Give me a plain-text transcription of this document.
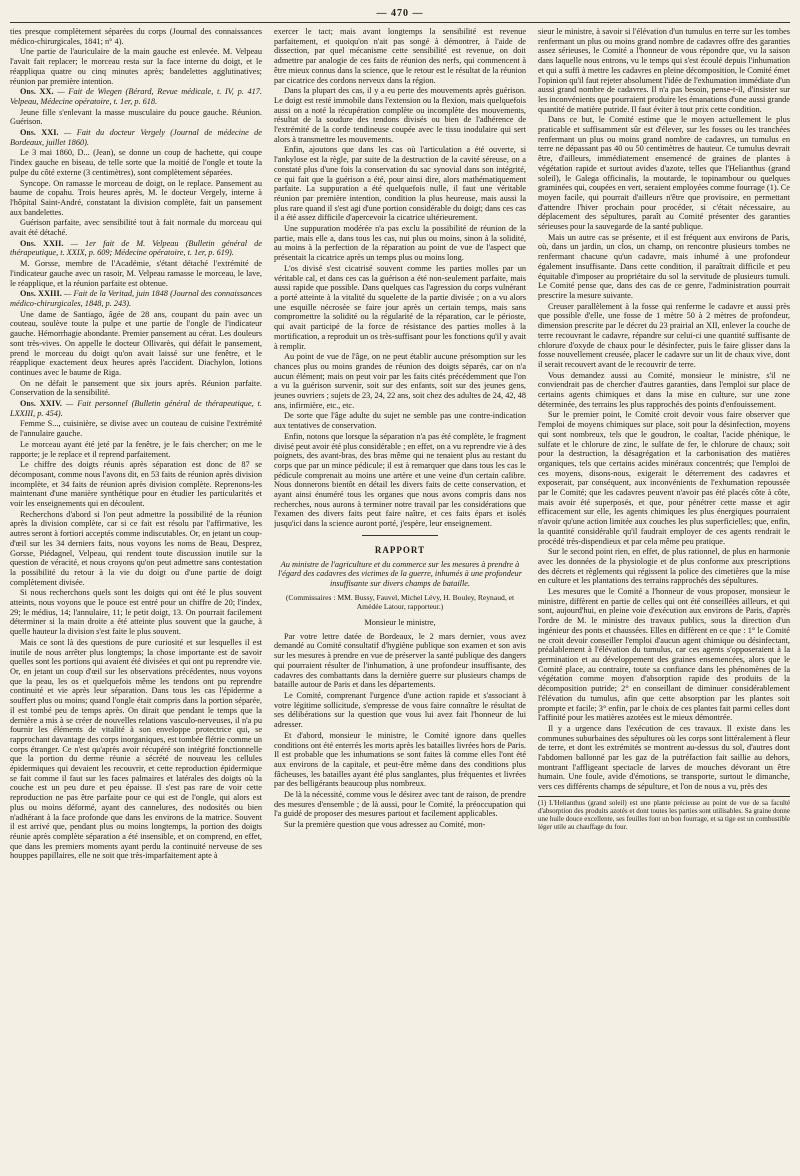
— 470 —

ties presque complètement séparées du corps (Journal des connaissances médico-chirurgicales, 1841; n° 4).

Une partie de l'auriculaire de la main gauche est enlevée. M. Velpeau l'avait fait replacer; le morceau resta sur la face interne du doigt, et le réappliqua quatre ou cinq minutes après; bandelettes agglutinatives; réunion par première intention.

Obs. XX. — Fait de Wiegen (Bérard, Revue médicale, t. IV, p. 417. Velpeau, Médecine opératoire, t. 1er, p. 618.

Jeune fille s'enlevant la masse musculaire du pouce gauche. Réunion. Guérison.

Obs. XXI. — Fait du docteur Vergely (Journal de médecine de Bordeaux, juillet 1860).

Le 3 mai 1860, D... (Jean), se donne un coup de hachette, qui coupe l'index gauche en biseau, de telle sorte que la moitié de l'ongle et toute la pulpe du côté externe (3 centimètres), sont complètement séparées.

Syncope. On ramasse le morceau de doigt, on le replace. Pansement au baume de copahu. Trois heures après, M. le docteur Vergely, interne à l'hôpital Saint-André, constatant la division complète, fait un pansement aux bandelettes.

Guérison parfaite, avec sensibilité tout à fait normale du morceau qui avait été détaché.

Obs. XXII. — 1er fait de M. Velpeau (Bulletin général de thérapeutique, t. XXIX, p. 609; Médecine opératoire, t. 1er, p. 619).

M. Gorsse, membre de l'Académie, s'étant détaché l'extrémité de l'indicateur gauche avec un rasoir, M. Velpeau ramasse le morceau, le lave, le réapplique, et la réunion parfaite est obtenue.

Obs. XXIII. — Fait de la Veritad, juin 1848 (Journal des connaissances médico-chirurgicales, 1848, p. 243).

Une dame de Santiago, âgée de 28 ans, coupant du pain avec un couteau, soulève toute la pulpe et une partie de l'ongle de l'indicateur gauche. Hémorrhagie abondante. Premier pansement au cérat. Les douleurs sont très-vives. On appelle le docteur Ollivarès, qui défait le pansement, prend le morceau du doigt qu'on avait laissé sur une fenêtre, et le réapplique exactement deux heures après l'accident. Diachylon, lotions continues avec le baume de Riga.

On ne défait le pansement que six jours après. Réunion parfaite. Conservation de la sensibilité.

Obs. XXIV. — Fait personnel (Bulletin général de thérapeutique, t. LXXIII, p. 454).

Femme S..., cuisinière, se divise avec un couteau de cuisine l'extrémité de l'annulaire gauche.

Le morceau ayant été jeté par la fenêtre, je le fais chercher; on me le rapporte; je le replace et il reprend parfaitement.

Le chiffre des doigts réunis après séparation est donc de 87 se décomposant, comme nous l'avons dit, en 53 faits de réunion après division incomplète, et 34 faits de réunion après division complète. Reprenons-les maintenant d'une manière synthétique pour en étudier les particularités et voir les enseignements qui en découlent.

Recherchons d'abord si l'on peut admettre la possibilité de la réunion après la division complète, car si ce fait est résolu par l'affirmative, les autres seront à fortiori acceptés comme indiscutables. Or, en jetant un coup-d'œil sur les 34 derniers faits, nous voyons les noms de Beau, Desprez, Gorsse, Piédagnel, Velpeau, qui rendent toute discussion inutile sur la question de véracité, et nous croyons qu'on peut admettre sans contestation la possibilité du retour à la vie du doigt ou d'une partie de doigt complètement divisée.

Si nous recherchons quels sont les doigts qui ont été le plus souvent atteints, nous voyons que le pouce est entré pour un chiffre de 20; l'index, 29; le médius, 14; l'annulaire, 11; le petit doigt, 13. On pourrait facilement déterminer si la main droite a été atteinte plus souvent que la gauche, à quelle hauteur la division s'est faite le plus souvent.

Mais ce sont là des questions de pure curiosité et sur lesquelles il est inutile de nous arrêter plus longtemps; la chose importante est de savoir quelles sont les portions qui avaient été divisées et qui ont pu reprendre vie. Or, en jetant un coup d'œil sur les observations précédentes, nous voyons que la peau, les os et quelquefois même les tendons ont pu reprendre continuité et vie après leur séparation. Dans tous les cas l'épiderme a souffert plus ou moins; quand l'ongle était compris dans la portion séparée, il est tombé peu de temps après. On dirait que pendant le temps que la dernière a mis à se créer de nouvelles relations vasculo-nerveuses, il n'a pu fournir les éléments de vitalité à son enveloppe protectrice qui, se rapprochant davantage des corps inorganiques, est tombée flétrie comme un corps étranger. Ce n'est qu'après avoir récupéré son intégrité fonctionnelle que la portion du derme réunie a sécrété de nouveau les cellules épidermiques qui devaient les recouvrir, et cette reproduction épidermique se fait comme il faut sur les faces palmaires et latérales des doigts où la couche est un peu dure et peu épaisse. Il s'est pas rare de voir cette reproduction ne pas être parfaite pour ce qui est de l'ongle, qui alors est plus ou moins déformé, ayant des cannelures, des nodosités ou bien n'adhérant à la face profonde que dans les environs de la matrice. Souvent il est arrivé que, pendant plus ou moins longtemps, la portion des doigts réunie après complète séparation a été insensible, et on comprend, en effet, que dans les premiers moments ayant perdu la continuité nerveuse de ses houppes papillaires, elle ne soit que très-imparfaitement apte à

exercer le tact; mais avant longtemps la sensibilité est revenue parfaitement, et quoiqu'on n'ait pas songé à démontrer, à l'aide de dissection, par quel mécanisme cette sensibilité est revenue, on doit admettre par analogie de ces faits de réunion des nerfs, qui commencent à être mieux connus dans la science, que le retour est le résultat de la réunion par cicatrice des cordons nerveux dans la région.

Dans la plupart des cas, il y a eu perte des mouvements après guérison. Le doigt est resté immobile dans l'extension ou la flexion, mais quelquefois aussi on a noté la récupération complète ou incomplète des mouvements, résultat de la soudure des tendons divisés ou bien de l'adhérence de l'extrémité de la corde tendineuse coupée avec le tissu inodulaire qui sert alors à transmettre les mouvements.

Enfin, ajoutons que dans les cas où l'articulation a été ouverte, si l'ankylose est la règle, par suite de la destruction de la cavité séreuse, on a constaté plus d'une fois la conservation du sac synovial dans son intégrité, ce qui fait que la guérison a été, pour ainsi dire, alors mathématiquement parfaite. La suppuration a été quelquefois nulle, il faut une véritable réunion par première intention, condition la plus heureuse, mais aussi la plus rare quand il s'est agi d'une portion considérable du doigt; dans ces cas il a été assez difficile d'apercevoir la cicatrice ultérieurement.

Une suppuration modérée n'a pas exclu la possibilité de réunion de la partie, mais elle a, dans tous les cas, nui plus ou moins, sinon à la solidité, au moins à la perfection de la réparation au point de vue de l'aspect que présentait la cicatrice après un temps plus ou moins long.

L'os divisé s'est cicatrisé souvent comme les parties molles par un véritable cal, et dans ces cas la guérison a été non-seulement parfaite, mais aussi rapide que possible. Dans quelques cas l'agression du corps vulnérant a porté atteinte à la vitalité du squelette de la partie divisée ; on a vu alors une esquille nécrosée se faire jour après un certain temps, mais sans compromettre la solidité ou la régularité de la réparation, car le périoste, qui avait participé de la force de résistance des parties molles à la mortification, a reproduit un os très-suffisant pour les fonctions qu'il y avait à remplir.

Au point de vue de l'âge, on ne peut établir aucune présomption sur les chances plus ou moins grandes de réunion des doigts séparés, car on n'a aucun élément; mais on peut voir par les faits cités précédemment que l'on a vu la guérison survenir, soit sur des enfants, soit sur des jeunes gens, jeunes ouvriers ; sujets de 23, 24, 22 ans, soit chez des adultes de 24, 42, 48 ans, infirmière, etc., etc.

De sorte que l'âge adulte du sujet ne semble pas une contre-indication aux tentatives de conservation.

Enfin, notons que lorsque la séparation n'a pas été complète, le fragment divisé peut avoir été plus considérable ; en effet, on a vu reprendre vie à des poignets, des avant-bras, des bras même qui ne tenaient plus au restant du corps que par un mince pédicule; il est à remarquer que dans tous les cas le pédicule comprenait au moins une artère et une veine d'un certain calibre. Nous donnerons bientôt en détail les divers faits de cette conservation, et ayant ainsi énuméré tous les organes que nous avons compris dans nos recherches, nous aurons à terminer notre travail par les considérations que l'examen des divers faits peut faire naître, et ces faits épars et isolés jusqu'ici dans la science auront porté, j'espère, leur enseignement.

RAPPORT
Au ministre de l'agriculture et du commerce sur les mesures à prendre à l'égard des cadavres des victimes de la guerre, inhumés à une profondeur insuffisante sur divers champs de bataille.
(Commissaires : MM. Bussy, Fauvel, Michel Lévy, H. Bouley, Reynaud, et Amédée Latour, rapporteur.)
Monsieur le ministre,

Par votre lettre datée de Bordeaux, le 2 mars dernier, vous avez demandé au Comité consultatif d'hygiène publique son examen et son avis sur les mesures à prendre en vue de préserver la santé publique des dangers qui pourraient résulter de l'inhumation, à une profondeur insuffisante, des cadavres des combattants dans la dernière guerre sur plusieurs champs de bataille autour de Paris et dans les départements.

Le Comité, comprenant l'urgence d'une action rapide et s'associant à votre légitime sollicitude, s'empresse de vous faire connaître le résultat de ses délibérations sur la question que vous lui avez fait l'honneur de lui adresser.

Et d'abord, monsieur le ministre, le Comité ignore dans quelles conditions ont été enterrés les morts après les batailles livrées hors de Paris. Il est probable que les inhumations se sont faites là comme elles l'ont été aux environs de la capitale, et peut-être même dans des conditions plus fâcheuses, les batailles ayant été plus sanglantes, plus fréquentes et livrées par des belligérants beaucoup plus nombreux.

De là la nécessité, comme vous le désirez avec tant de raison, de prendre des mesures d'ensemble ; de là aussi, pour le Comité, la préoccupation qui l'a guidé de proposer des mesures partout et facilement applicables.

Sur la première question que vous adressez au Comité, mon-

sieur le ministre, à savoir si l'élévation d'un tumulus en terre sur les tombes renfermant un plus ou moins grand nombre de cadavres offre des garanties assez sérieuses, le Comité a l'honneur de vous répondre que, vu la saison dans laquelle nous entrons, vu le temps qui s'est écoulé depuis l'inhumation et qui a suffi à mettre les cadavres en pleine décomposition, le Comité émet l'opinion qu'il faut rejeter absolument l'idée de l'exhumation immédiate d'un aussi grand nombre de cadavres. Il n'a pas besoin, pense-t-il, d'insister sur les inconvénients que pourraient produire les émanations d'une aussi grande quantité de matière putride. Il faut éviter à tout prix cette condition.

Dans ce but, le Comité estime que le moyen actuellement le plus praticable et suffisamment sûr est d'élever, sur les fosses ou les tranchées renfermant un plus ou moins grand nombre de cadavres, un tumulus en terre ne dépassant pas 40 ou 50 centimètres de hauteur. Ce tumulus devrait être, d'ailleurs, immédiatement ensemencé de graines de plantes à végétation rapide et surtout avides d'azote, telles que l'Helianthus (grand soleil), le Galega officinalis, la moutarde, le topinambour ou quelques graminées qui, coupées en vert, seraient employées comme fourrage (1). Ce moyen facile, qui pourrait d'ailleurs n'être que provisoire, en permettant d'attendre l'hiver prochain pour procéder, si c'était nécessaire, au déplacement des sépultures, paraît au Comité présenter des garanties sérieuses pour la sauvegarde de la santé publique.

Mais un autre cas se présente, et il est fréquent aux environs de Paris, où, dans un jardin, un clos, un champ, on rencontre plusieurs tombes ne renfermant chacune qu'un cadavre, mais inhumé à une profondeur également insuffisante. Dans cette condition, il paraîtrait difficile et peu équitable d'imposer au propriétaire du sol la servitude de plusieurs tumuli. Le Comité pense que, dans des cas de ce genre, l'administration pourrait prescrire la mesure suivante.

Creuser parallèlement à la fosse qui renferme le cadavre et aussi près que possible d'elle, une fosse de 1 mètre 50 à 2 mètres de profondeur, dimension prescrite par le décret du 23 prairial an XII, enlever la couche de terre recouvrant le cadavre, répandre sur celui-ci une quantité suffisante de chlorure d'oxyde de chaux pour le désinfecter, puis le faire glisser dans la fosse nouvellement creusée, placer le cadavre sur un lit de chaux vive, dont il serait recouvert avant de le recouvrir de terre.

Vous demandez aussi au Comité, monsieur le ministre, s'il ne conviendrait pas de chercher d'autres garanties, dans l'emploi sur place de certains agents chimiques et dans la mise en culture, sur une zone déterminée, des terrains les plus rapprochés des points d'enfouissement.

Sur le premier point, le Comité croit devoir vous faire observer que l'emploi de moyens chimiques sur place, soit pour la désinfection, moyens qui sont nombreux, tels que le goudron, le coaltar, l'acide phénique, le sulfate et le chlorure de zinc, le sulfate de fer, le chlorure de chaux; soit pour la destruction, la désagrégation et la carbonisation des matières organiques, tels que certains acides minéraux concentrés; que l'emploi de ces moyens, disons-nous, exigerait le déterrement des cadavres et exposerait, par conséquent, aux inconvénients de l'exhumation repoussée par le Comité; que les cadavres peuvent n'avoir pas été placés côte à côte, mais avoir été superposés, et que, pour pénétrer cette masse et agir efficacement sur elle, les agents chimiques les plus énergiques pourraient n'avoir qu'une action limitée aux couches les plus superficielles; que, enfin, la quantité considérable qu'il faudrait employer de ces agents rendrait le procédé très-dispendieux et par cela même peu pratique.

Sur le second point rien, en effet, de plus rationnel, de plus en harmonie avec les données de la physiologie et de plus conforme aux prescriptions des décrets et règlements qui régissent la police des cimetières que la mise en culture et les plantations des terrains rapprochés des sépultures.

Les mesures que le Comité a l'honneur de vous proposer, monsieur le ministre, diffèrent en partie de celles qui ont été conseillées ailleurs, et qui sont, aujourd'hui, en pleine voie d'exécution aux environs de Paris, d'après l'ordre de M. le ministre des travaux publics, sous la direction d'un ingénieur des ponts et chaussées. Elles en diffèrent en ce que : 1° le Comité ne croit devoir conseiller l'emploi d'aucun agent chimique ou désinfectant, préalablement à l'élévation du tumulus, car ces agents s'opposeraient à la germination et au développement des graines ensemencées, alors que le Comité place, au contraire, toute sa confiance dans les phénomènes de la végétation comme moyen d'absorption rapide des produits de la décomposition putride; 2° en conseillant de diminuer considérablement l'élévation du tumulus, afin que cette absorption par les plantes soit prompte et facile; 3° enfin, par le choix de ces plantes fait parmi celles dont l'affinité pour les matières azotées est le mieux démontrée.

Il y a urgence dans l'exécution de ces travaux. Il existe dans les communes suburbaines des sépultures où les corps sont littéralement à fleur de terre, et dont les extrémités se montrent au-dessus du sol, d'autres dont l'abdomen ballonné par les gaz de la putréfaction fait saillie au dehors, montrant l'affligeant spectacle de larves de mouches dévorant un être humain. Une foule, avide d'émotions, se transporte, surtout le dimanche, vers ces différents champs de sépulture, et l'on de nous a vu, près des

(1) L'Helianthus (grand soleil) est une plante précieuse au point de vue de sa faculté d'absorption des produits azotés et dont toutes les parties sont utilisables. Sa graine donne une huile douce excellente, ses feuilles font un bon fourrage, et sa tige est un combustible léger utile au chauffage du four.
